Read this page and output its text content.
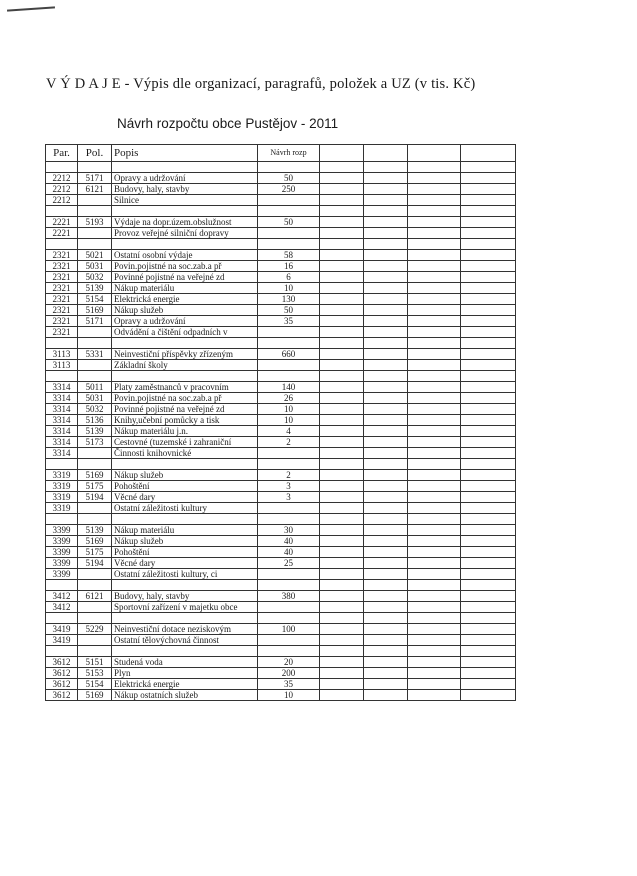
V Ý D A J E - Výpis dle organizací, paragrafů, položek a UZ (v tis. Kč)
Návrh rozpočtu obce Pustějov - 2011
Par.	Pol.	Popis	Návrh rozp				

2212	5171	Opravy a udržování	50				
2212	6121	Budovy, haly, stavby	250				
2212		Silnice					

2221	5193	Výdaje na dopr.územ.obslužnost	50				
2221		Provoz veřejné silniční dopravy					

2321	5021	Ostatní osobní výdaje	58				
2321	5031	Povin.pojistné na soc.zab.a př	16				
2321	5032	Povinné pojistné na veřejné zd	6				
2321	5139	Nákup materiálu	10				
2321	5154	Elektrická energie	130				
2321	5169	Nákup služeb	50				
2321	5171	Opravy a udržování	35				
2321		Odvádění a čištění odpadních v					

3113	5331	Neinvestiční příspěvky zřízeným	660				
3113		Základní školy					

3314	5011	Platy zaměstnanců v pracovním	140				
3314	5031	Povin.pojistné na soc.zab.a př	26				
3314	5032	Povinné pojistné na veřejné zd	10				
3314	5136	Knihy,učební pomůcky a tisk	10				
3314	5139	Nákup materiálu j.n.	4				
3314	5173	Cestovné (tuzemské i zahraniční	2				
3314		Činnosti knihovnické					

3319	5169	Nákup služeb	2				
3319	5175	Pohoštění	3				
3319	5194	Věcné dary	3				
3319		Ostatní záležitosti kultury					

3399	5139	Nákup materiálu	30				
3399	5169	Nákup služeb	40				
3399	5175	Pohoštění	40				
3399	5194	Věcné dary	25				
3399		Ostatní záležitosti kultury, ci					

3412	6121	Budovy, haly, stavby	380				
3412		Sportovní zařízení v majetku obce					

3419	5229	Neinvestiční dotace neziskovým	100				
3419		Ostatní tělovýchovná činnost					

3612	5151	Studená voda	20				
3612	5153	Plyn	200				
3612	5154	Elektrická energie	35				
3612	5169	Nákup ostatních služeb	10				
